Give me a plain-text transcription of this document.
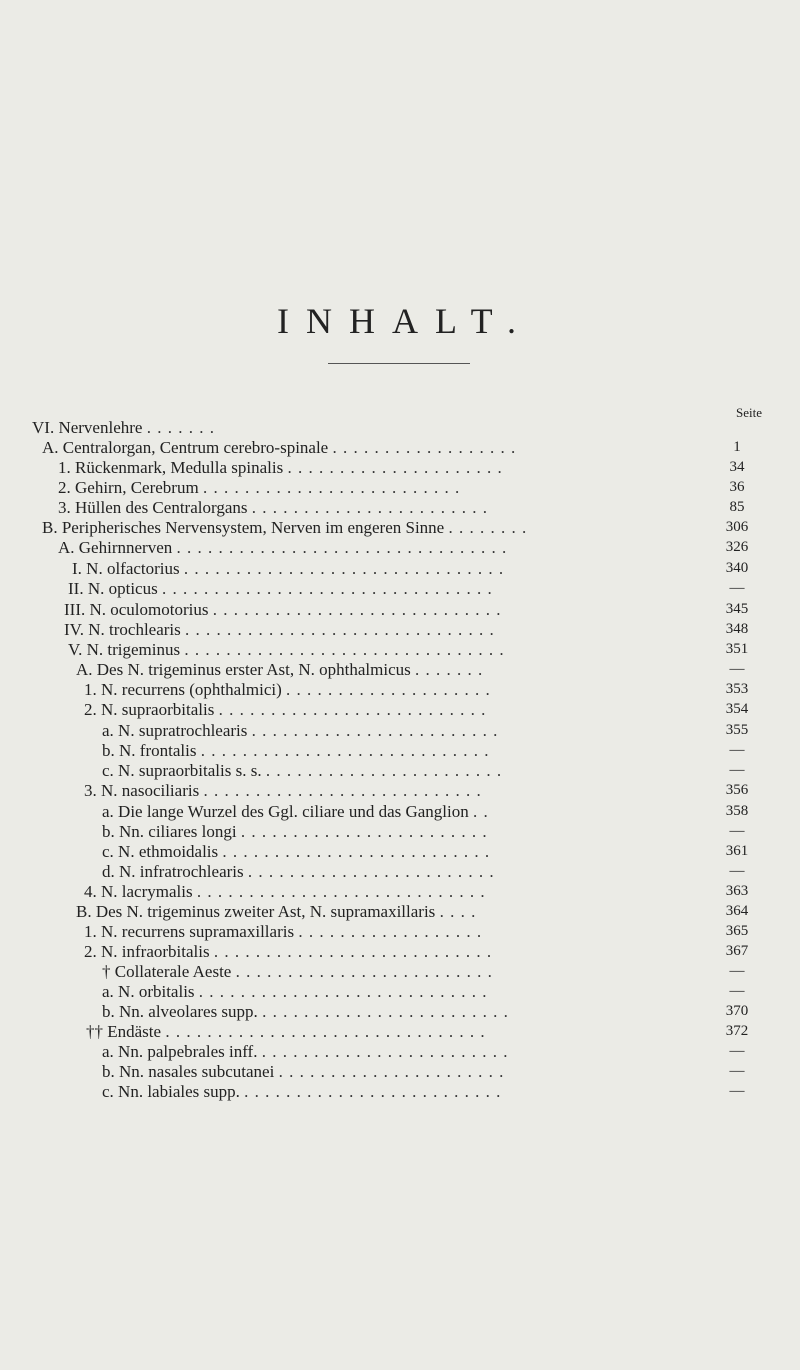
INHALT.
Seite
VI. Nervenlehre . . . . . . .
A. Centralorgan, Centrum cerebro-spinale . . . . . . . . . . . . . . . . . .	1
1. Rückenmark, Medulla spinalis . . . . . . . . . . . . . . . . . . . . .	34
2. Gehirn, Cerebrum . . . . . . . . . . . . . . . . . . . . . . . . .	36
3. Hüllen des Centralorgans . . . . . . . . . . . . . . . . . . . . . . .	85
B. Peripherisches Nervensystem, Nerven im engeren Sinne . . . . . . . .	306
A. Gehirnnerven . . . . . . . . . . . . . . . . . . . . . . . . . . . . . . . .	326
I. N. olfactorius . . . . . . . . . . . . . . . . . . . . . . . . . . . . . . .	340
II. N. opticus . . . . . . . . . . . . . . . . . . . . . . . . . . . . . . . .	—
III. N. oculomotorius . . . . . . . . . . . . . . . . . . . . . . . . . . . .	345
IV. N. trochlearis . . . . . . . . . . . . . . . . . . . . . . . . . . . . . .	348
V. N. trigeminus . . . . . . . . . . . . . . . . . . . . . . . . . . . . . . .	351
A. Des N. trigeminus erster Ast, N. ophthalmicus . . . . . . .	—
1. N. recurrens (ophthalmici) . . . . . . . . . . . . . . . . . . . .	353
2. N. supraorbitalis . . . . . . . . . . . . . . . . . . . . . . . . . .	354
a. N. supratrochlearis . . . . . . . . . . . . . . . . . . . . . . . .	355
b. N. frontalis . . . . . . . . . . . . . . . . . . . . . . . . . . . .	—
c. N. supraorbitalis s. s. . . . . . . . . . . . . . . . . . . . . . . .	—
3. N. nasociliaris . . . . . . . . . . . . . . . . . . . . . . . . . . .	356
a. Die lange Wurzel des Ggl. ciliare und das Ganglion . .	358
b. Nn. ciliares longi . . . . . . . . . . . . . . . . . . . . . . . .	—
c. N. ethmoidalis . . . . . . . . . . . . . . . . . . . . . . . . . .	361
d. N. infratrochlearis . . . . . . . . . . . . . . . . . . . . . . . .	—
4. N. lacrymalis . . . . . . . . . . . . . . . . . . . . . . . . . . . .	363
B. Des N. trigeminus zweiter Ast, N. supramaxillaris . . . .	364
1. N. recurrens supramaxillaris . . . . . . . . . . . . . . . . . .	365
2. N. infraorbitalis . . . . . . . . . . . . . . . . . . . . . . . . . . .	367
† Collaterale Aeste . . . . . . . . . . . . . . . . . . . . . . . . .	—
a. N. orbitalis . . . . . . . . . . . . . . . . . . . . . . . . . . . .	—
b. Nn. alveolares supp. . . . . . . . . . . . . . . . . . . . . . . . .	370
†† Endäste . . . . . . . . . . . . . . . . . . . . . . . . . . . . . . .	372
a. Nn. palpebrales inff. . . . . . . . . . . . . . . . . . . . . . . . .	—
b. Nn. nasales subcutanei . . . . . . . . . . . . . . . . . . . . . .	—
c. Nn. labiales supp. . . . . . . . . . . . . . . . . . . . . . . . . .	—
